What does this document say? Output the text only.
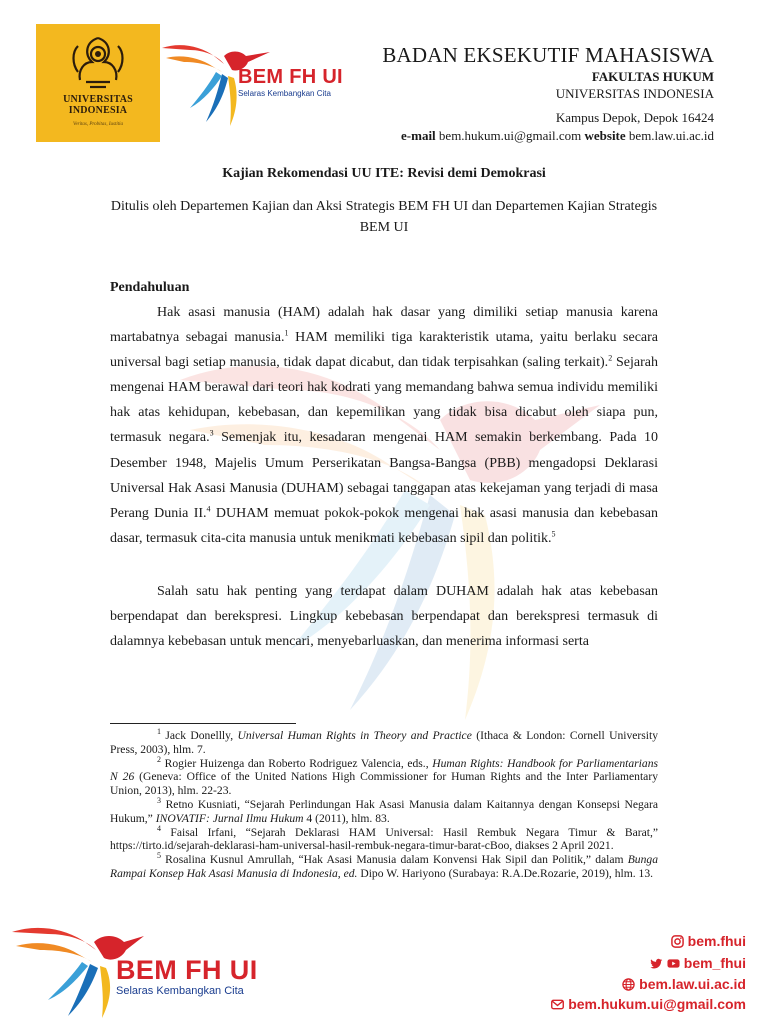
UNIVERSITAS
INDONESIA
Veritas, Probitas, Iustitia
BEM FH UI
Selaras Kembangkan Cita
BADAN EKSEKUTIF MAHASISWA
FAKULTAS HUKUM
UNIVERSITAS INDONESIA
Kampus Depok, Depok 16424
e-mail bem.hukum.ui@gmail.com website bem.law.ui.ac.id
Kajian Rekomendasi UU ITE: Revisi demi Demokrasi
Ditulis oleh Departemen Kajian dan Aksi Strategis BEM FH UI dan Departemen Kajian Strategis BEM UI
Pendahuluan

Hak asasi manusia (HAM) adalah hak dasar yang dimiliki setiap manusia karena martabatnya sebagai manusia.$^1$ HAM memiliki tiga karakteristik utama, yaitu berlaku secara universal bagi setiap manusia, tidak dapat dicabut, dan tidak terpisahkan (saling terkait).$^2$ Sejarah mengenai HAM berawal dari teori hak kodrati yang memandang bahwa semua individu memiliki hak atas kehidupan, kebebasan, dan kepemilikan yang tidak bisa dicabut oleh siapa pun, termasuk negara.$^3$ Semenjak itu, kesadaran mengenai HAM semakin berkembang. Pada 10 Desember 1948, Majelis Umum Perserikatan Bangsa-Bangsa (PBB) mengadopsi Deklarasi Universal Hak Asasi Manusia (DUHAM) sebagai tanggapan atas kekejaman yang terjadi di masa Perang Dunia II.$^4$ DUHAM memuat pokok-pokok mengenai hak asasi manusia dan kebebasan dasar, termasuk cita-cita manusia untuk menikmati kebebasan sipil dan politik.$^5$

Salah satu hak penting yang terdapat dalam DUHAM adalah hak atas kebebasan berpendapat dan berekspresi. Lingkup kebebasan berpendapat dan berekspresi termasuk di dalamnya kebebasan untuk mencari, menyebarluaskan, dan menerima informasi serta

$^1$ Jack Donellly, Universal Human Rights in Theory and Practice (Ithaca & London: Cornell University Press, 2003), hlm. 7.

$^2$ Rogier Huizenga dan Roberto Rodriguez Valencia, eds., Human Rights: Handbook for Parliamentarians N 26 (Geneva: Office of the United Nations High Commissioner for Human Rights and the Inter Parliamentary Union, 2013), hlm. 22-23.

$^3$ Retno Kusniati, “Sejarah Perlindungan Hak Asasi Manusia dalam Kaitannya dengan Konsepsi Negara Hukum,” INOVATIF: Jurnal Ilmu Hukum 4 (2011), hlm. 83.

$^4$ Faisal Irfani, “Sejarah Deklarasi HAM Universal: Hasil Rembuk Negara Timur & Barat,” https://tirto.id/sejarah-deklarasi-ham-universal-hasil-rembuk-negara-timur-barat-cBoo, diakses 2 April 2021.

$^5$ Rosalina Kusnul Amrullah, “Hak Asasi Manusia dalam Konvensi Hak Sipil dan Politik,” dalam Bunga Rampai Konsep Hak Asasi Manusia di Indonesia, ed. Dipo W. Hariyono (Surabaya: R.A.De.Rozarie, 2019), hlm. 13.

BEM FH UI
Selaras Kembangkan Cita
bem.fhui
bem_fhui
bem.law.ui.ac.id
bem.hukum.ui@gmail.com
